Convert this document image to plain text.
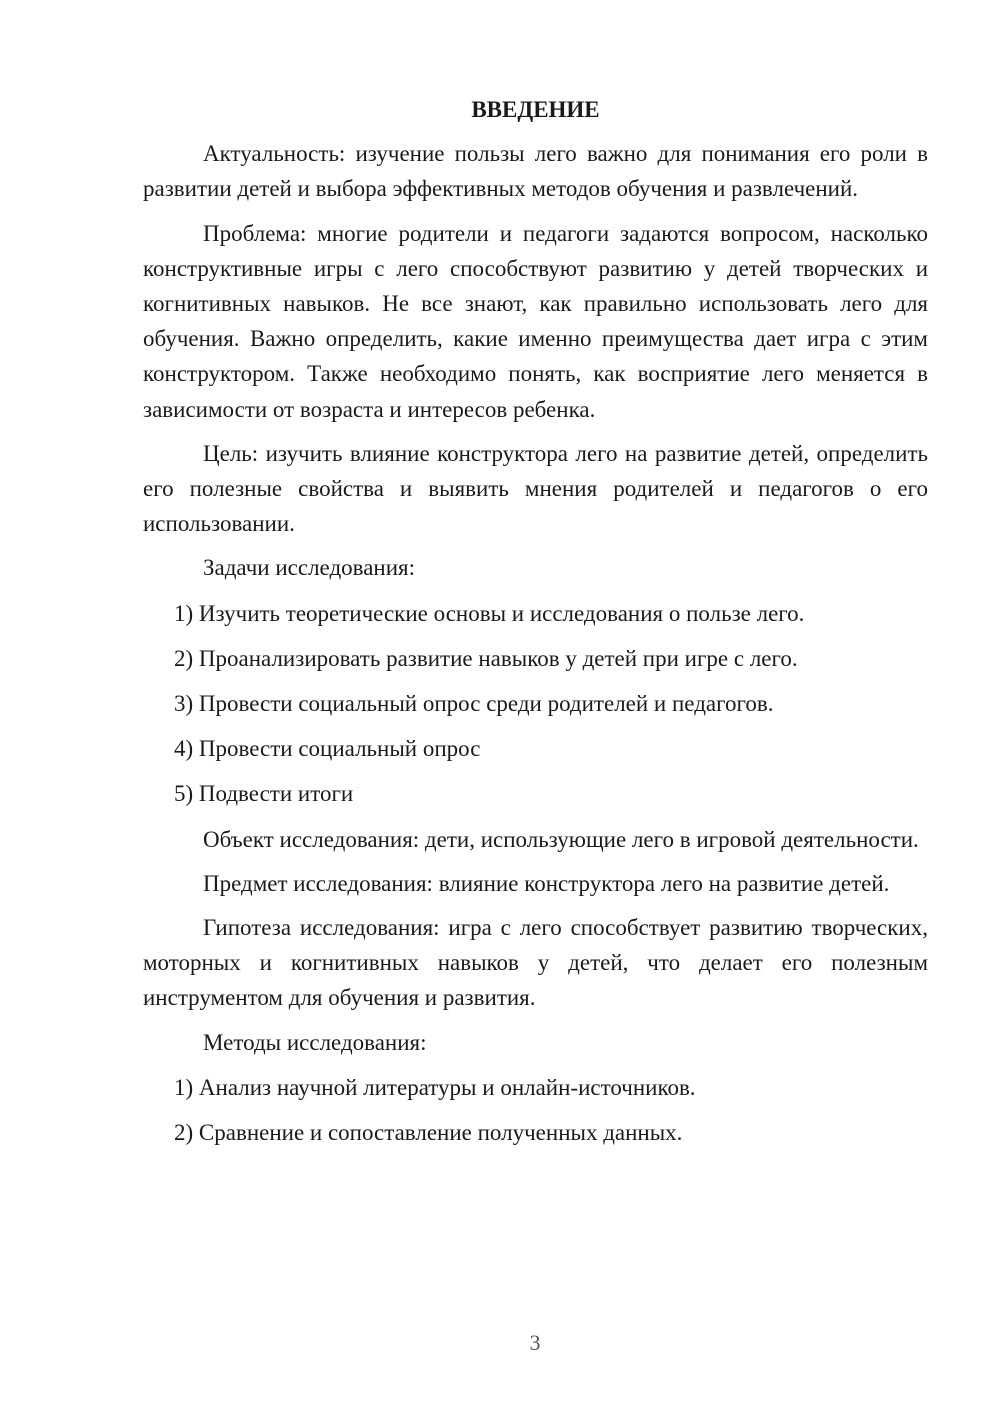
ВВЕДЕНИЕ

Актуальность: изучение пользы лего важно для понимания его роли в развитии детей и выбора эффективных методов обучения и развлечений.

Проблема: многие родители и педагоги задаются вопросом, насколько конструктивные игры с лего способствуют развитию у детей творческих и когнитивных навыков. Не все знают, как правильно использовать лего для обучения. Важно определить, какие именно преимущества дает игра с этим конструктором. Также необходимо понять, как восприятие лего меняется в зависимости от возраста и интересов ребенка.

Цель: изучить влияние конструктора лего на развитие детей, определить его полезные свойства и выявить мнения родителей и педагогов о его использовании.

Задачи исследования:

1) Изучить теоретические основы и исследования о пользе лего.

2) Проанализировать развитие навыков у детей при игре с лего.

3) Провести социальный опрос среди родителей и педагогов.

4) Провести социальный опрос

5) Подвести итоги

Объект исследования: дети, использующие лего в игровой деятельности.

Предмет исследования: влияние конструктора лего на развитие детей.

Гипотеза исследования: игра с лего способствует развитию творческих, моторных и когнитивных навыков у детей, что делает его полезным инструментом для обучения и развития.

Методы исследования:

1) Анализ научной литературы и онлайн-источников.

2) Сравнение и сопоставление полученных данных.

3
